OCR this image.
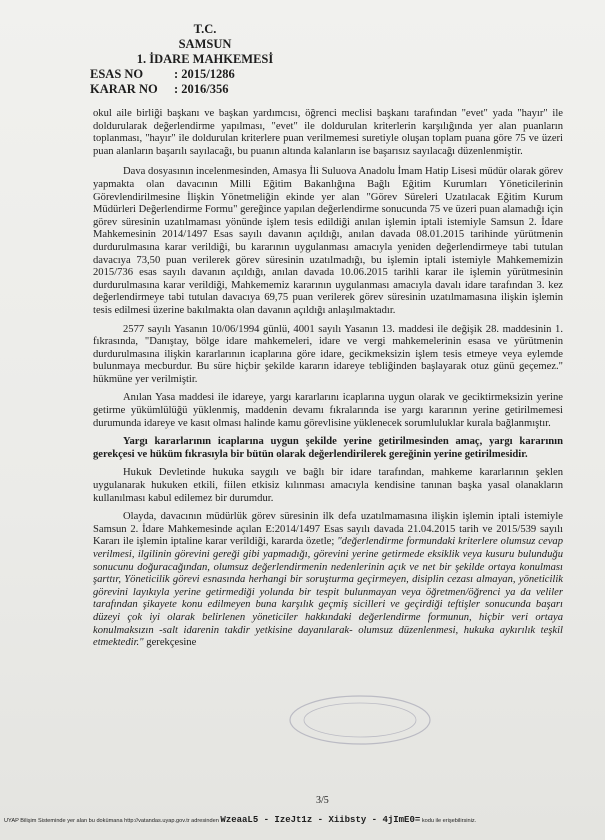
T.C.
SAMSUN
1. İDARE MAHKEMESİ
ESAS NO : 2015/1286
KARAR NO : 2016/356

okul aile birliği başkanı ve başkan yardımcısı, öğrenci meclisi başkanı tarafından "evet" yada "hayır" ile doldurularak değerlendirme yapılması, "evet" ile doldurulan kriterlerin karşılığında yer alan puanların toplanması, "hayır" ile doldurulan kriterlere puan verilmemesi suretiyle oluşan toplam puana göre 75 ve üzeri puan alanların başarılı sayılacağı, bu puanın altında kalanların ise başarısız sayılacağı düzenlenmiştir.

Dava dosyasının incelenmesinden, Amasya İli Suluova Anadolu İmam Hatip Lisesi müdür olarak görev yapmakta olan davacının Milli Eğitim Bakanlığına Bağlı Eğitim Kurumları Yöneticilerinin Görevlendirilmesine İlişkin Yönetmeliğin ekinde yer alan "Görev Süreleri Uzatılacak Eğitim Kurum Müdürleri Değerlendirme Formu" gereğince yapılan değerlendirme sonucunda 75 ve üzeri puan alamadığı için görev süresinin uzatılmaması yönünde işlem tesis edildiği anılan işlemin iptali istemiyle Samsun 2. İdare Mahkemesinin 2014/1497 Esas sayılı davanın açıldığı, anılan davada 08.01.2015 tarihinde yürütmenin durdurulmasına karar verildiği, bu kararının uygulanması amacıyla yeniden değerlendirmeye tabi tutulan davacıya 73,50 puan verilerek görev süresinin uzatılmadığı, bu işlemin iptali istemiyle Mahkememizin 2015/736 esas sayılı davanın açıldığı, anılan davada 10.06.2015 tarihli karar ile işlemin yürütmesinin durdurulmasına karar verildiği, Mahkememiz kararının uygulanması amacıyla davalı idare tarafından 3. kez değerlendirmeye tabi tutulan davacıya 69,75 puan verilerek görev süresinin uzatılmamasına ilişkin işlemin tesis edilmesi üzerine bakılmakta olan davanın açıldığı anlaşılmaktadır.

2577 sayılı Yasanın 10/06/1994 günlü, 4001 sayılı Yasanın 13. maddesi ile değişik 28. maddesinin 1. fıkrasında, "Danıştay, bölge idare mahkemeleri, idare ve vergi mahkemelerinin esasa ve yürütmenin durdurulmasına ilişkin kararlarının icaplarına göre idare, gecikmeksizin işlem tesis etmeye veya eylemde bulunmaya mecburdur. Bu süre hiçbir şekilde kararın idareye tebliğinden başlayarak otuz günü geçemez." hükmüne yer verilmiştir.

Anılan Yasa maddesi ile idareye, yargı kararlarını icaplarına uygun olarak ve geciktirmeksizin yerine getirme yükümlülüğü yüklenmiş, maddenin devamı fıkralarında ise yargı kararının yerine getirilmemesi durumunda idareye ve kasıt olması halinde kamu görevlisine yüklenecek sorumluluklar kurala bağlanmıştır.

Yargı kararlarının icaplarına uygun şekilde yerine getirilmesinden amaç, yargı kararının gerekçesi ve hüküm fıkrasıyla bir bütün olarak değerlendirilerek gereğinin yerine getirilmesidir.

Hukuk Devletinde hukuka saygılı ve bağlı bir idare tarafından, mahkeme kararlarının şeklen uygulanarak hukuken etkili, fiilen etkisiz kılınması amacıyla kendisine tanınan başka yasal olanakların kullanılması kabul edilemez bir durumdur.

Olayda, davacının müdürlük görev süresinin ilk defa uzatılmamasına ilişkin işlemin iptali istemiyle Samsun 2. İdare Mahkemesinde açılan E:2014/1497 Esas sayılı davada 21.04.2015 tarih ve 2015/539 sayılı Kararı ile işlemin iptaline karar verildiği, kararda özetle; "değerlendirme formundaki kriterlere olumsuz cevap verilmesi, ilgilinin görevini gereği gibi yapmadığı, görevini yerine getirmede eksiklik veya kusuru bulunduğu sonucunu doğuracağından, olumsuz değerlendirmenin nedenlerinin açık ve net bir şekilde ortaya konulması şarttır, Yöneticilik görevi esnasında herhangi bir soruşturma geçirmeyen, disiplin cezası almayan, yöneticilik görevini layıkıyla yerine getirmediği yolunda bir tespit bulunmayan veya öğretmen/öğrenci ya da veliler tarafından şikayete konu edilmeyen buna karşılık geçmiş sicilleri ve geçirdiği teftişler sonucunda başarı düzeyi çok iyi olarak belirlenen yöneticiler hakkındaki değerlendirme formunun, hiçbir veri ortaya konulmaksızın -salt idarenin takdir yetkisine dayanılarak- olumsuz düzenlenmesi, hukuka aykırılık teşkil etmektedir." gerekçesine

3/5
UYAP Bilişim Sisteminde yer alan bu dokümana http://vatandas.uyap.gov.tr adresinden WzeaaL5 - IzeJt1z - Xiibsty - 4jImE0= kodu ile erişebilirsiniz.
